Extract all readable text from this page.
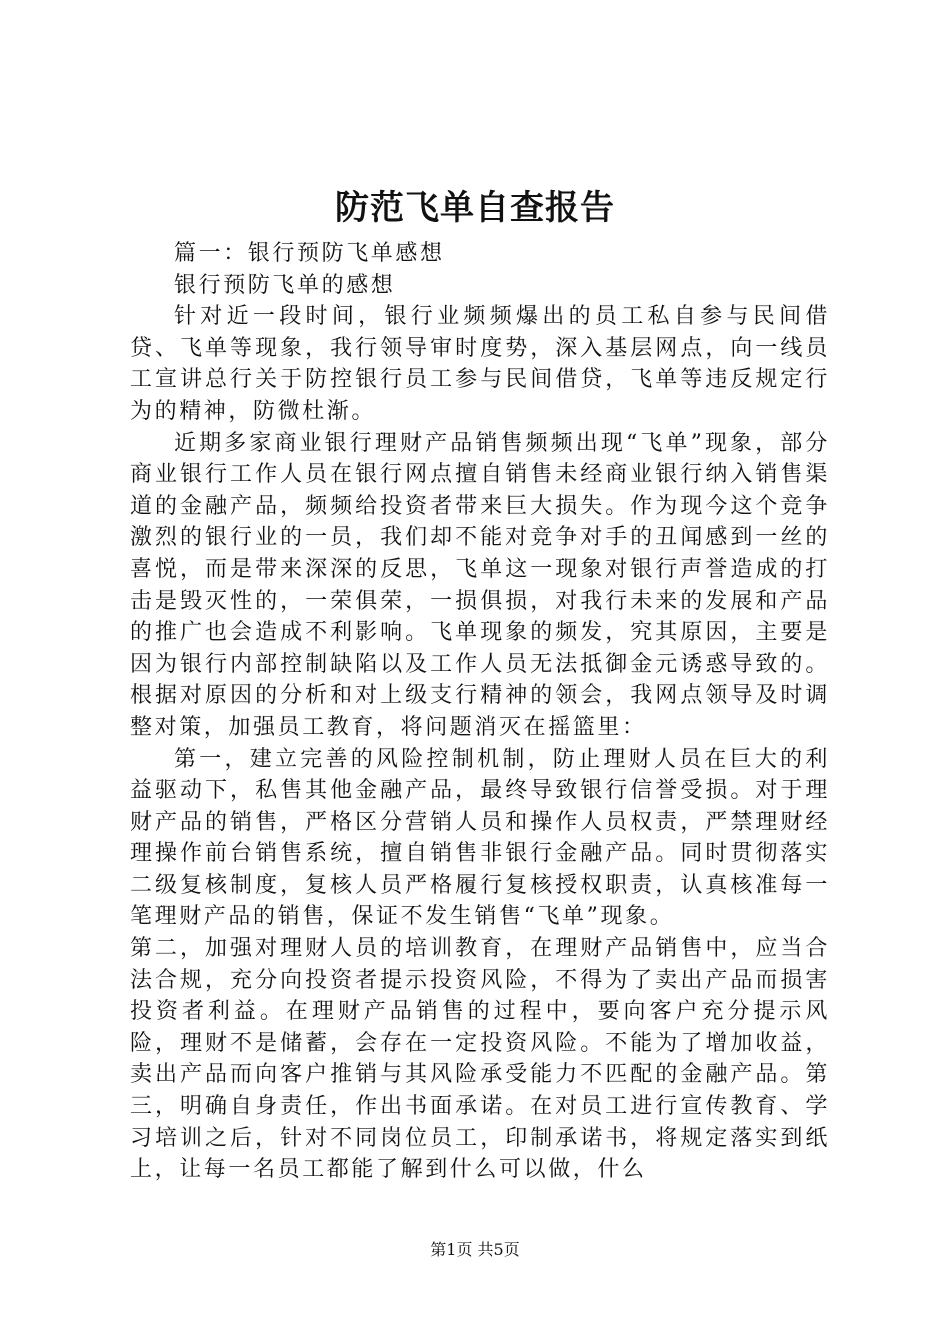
防范飞单自查报告

篇一：银行预防飞单感想

银行预防飞单的感想

针对近一段时间，银行业频频爆出的员工私自参与民间借贷、飞单等现象，我行领导审时度势，深入基层网点，向一线员工宣讲总行关于防控银行员工参与民间借贷，飞单等违反规定行为的精神，防微杜渐。

近期多家商业银行理财产品销售频频出现“飞单”现象，部分商业银行工作人员在银行网点擅自销售未经商业银行纳入销售渠道的金融产品，频频给投资者带来巨大损失。作为现今这个竞争激烈的银行业的一员，我们却不能对竞争对手的丑闻感到一丝的喜悦，而是带来深深的反思，飞单这一现象对银行声誉造成的打击是毁灭性的，一荣俱荣，一损俱损，对我行未来的发展和产品的推广也会造成不利影响。飞单现象的频发，究其原因，主要是因为银行内部控制缺陷以及工作人员无法抵御金元诱惑导致的。根据对原因的分析和对上级支行精神的领会，我网点领导及时调整对策，加强员工教育，将问题消灭在摇篮里：

第一，建立完善的风险控制机制，防止理财人员在巨大的利益驱动下，私售其他金融产品，最终导致银行信誉受损。对于理财产品的销售，严格区分营销人员和操作人员权责，严禁理财经理操作前台销售系统，擅自销售非银行金融产品。同时贯彻落实二级复核制度，复核人员严格履行复核授权职责，认真核准每一笔理财产品的销售，保证不发生销售“飞单”现象。

第二，加强对理财人员的培训教育，在理财产品销售中，应当合法合规，充分向投资者提示投资风险，不得为了卖出产品而损害投资者利益。在理财产品销售的过程中，要向客户充分提示风险，理财不是储蓄，会存在一定投资风险。不能为了增加收益，卖出产品而向客户推销与其风险承受能力不匹配的金融产品。第三，明确自身责任，作出书面承诺。在对员工进行宣传教育、学习培训之后，针对不同岗位员工，印制承诺书，将规定落实到纸上，让每一名员工都能了解到什么可以做，什么

第1页 共5页
